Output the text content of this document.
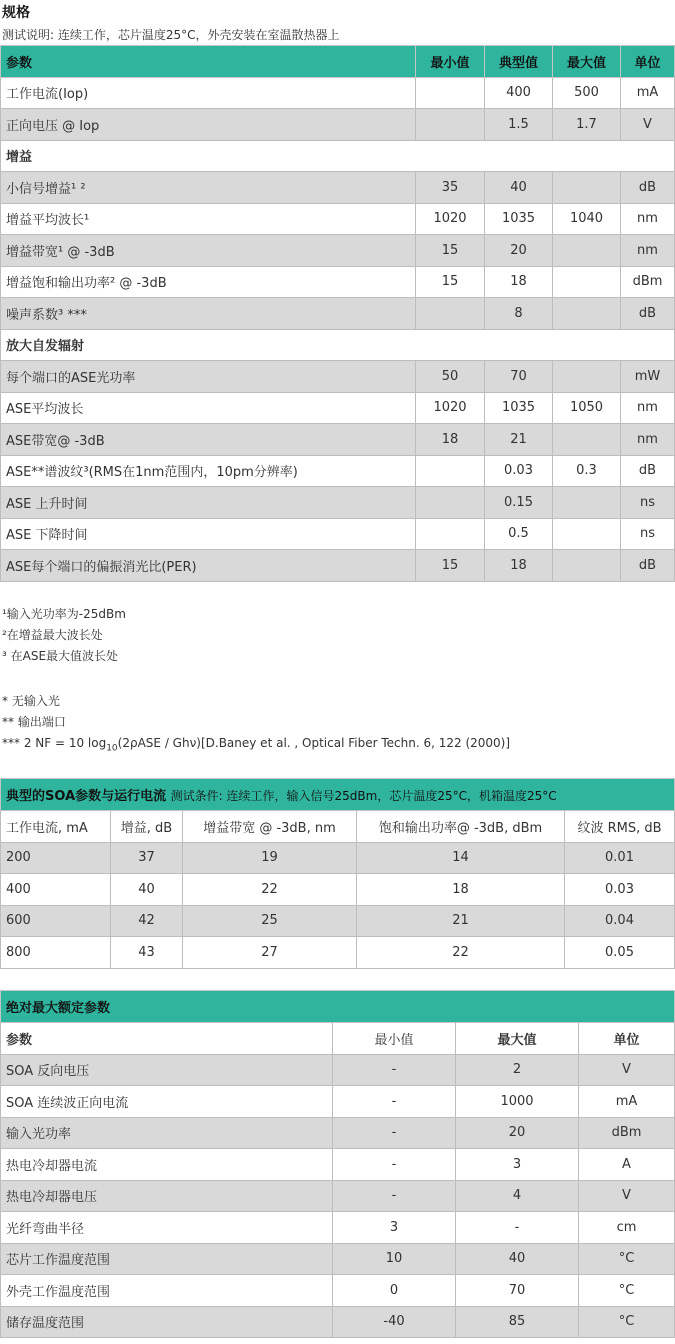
规格
测试说明: 连续工作，芯片温度25°C，外壳安装在室温散热器上
参数	最小值	典型值	最大值	单位
工作电流(Iop)		400	500	mA
正向电压 @ Iop		1.5	1.7	V
增益				
小信号增益¹ ²	35	40		dB
增益平均波长¹	1020	1035	1040	nm
增益带宽¹ @ -3dB	15	20		nm
增益饱和输出功率² @ -3dB	15	18		dBm
噪声系数³ ***		8		dB
放大自发辐射				
每个端口的ASE光功率	50	70		mW
ASE平均波长	1020	1035	1050	nm
ASE带宽@ -3dB	18	21		nm
ASE**谱波纹³(RMS在1nm范围内，10pm分辨率)		0.03	0.3	dB
ASE 上升时间		0.15		ns
ASE 下降时间		0.5		ns
ASE每个端口的偏振消光比(PER)	15	18		dB
¹输入光功率为-25dBm
²在增益最大波长处
³ 在ASE最大值波长处
* 无输入光
** 输出端口
*** 2 NF = 10 $\log_{10}(2\rho ASE$ / Ghν)[D.Baney et al. , Optical Fiber Techn. 6, 122 (2000)]
典型的SOA参数与运行电流 测试条件: 连续工作，输入信号25dBm，芯片温度25°C，机箱温度25°C				
工作电流, mA	增益, dB	增益带宽 @ -3dB, nm	饱和输出功率@ -3dB, dBm	纹波 RMS, dB
200	37	19	14	0.01
400	40	22	18	0.03
600	42	25	21	0.04
800	43	27	22	0.05
绝对最大额定参数			
参数	最小值	最大值	单位
SOA 反向电压	-	2	V
SOA 连续波正向电流	-	1000	mA
输入光功率	-	20	dBm
热电冷却器电流	-	3	A
热电冷却器电压	-	4	V
光纤弯曲半径	3	-	cm
芯片工作温度范围	10	40	°C
外壳工作温度范围	0	70	°C
储存温度范围	-40	85	°C
